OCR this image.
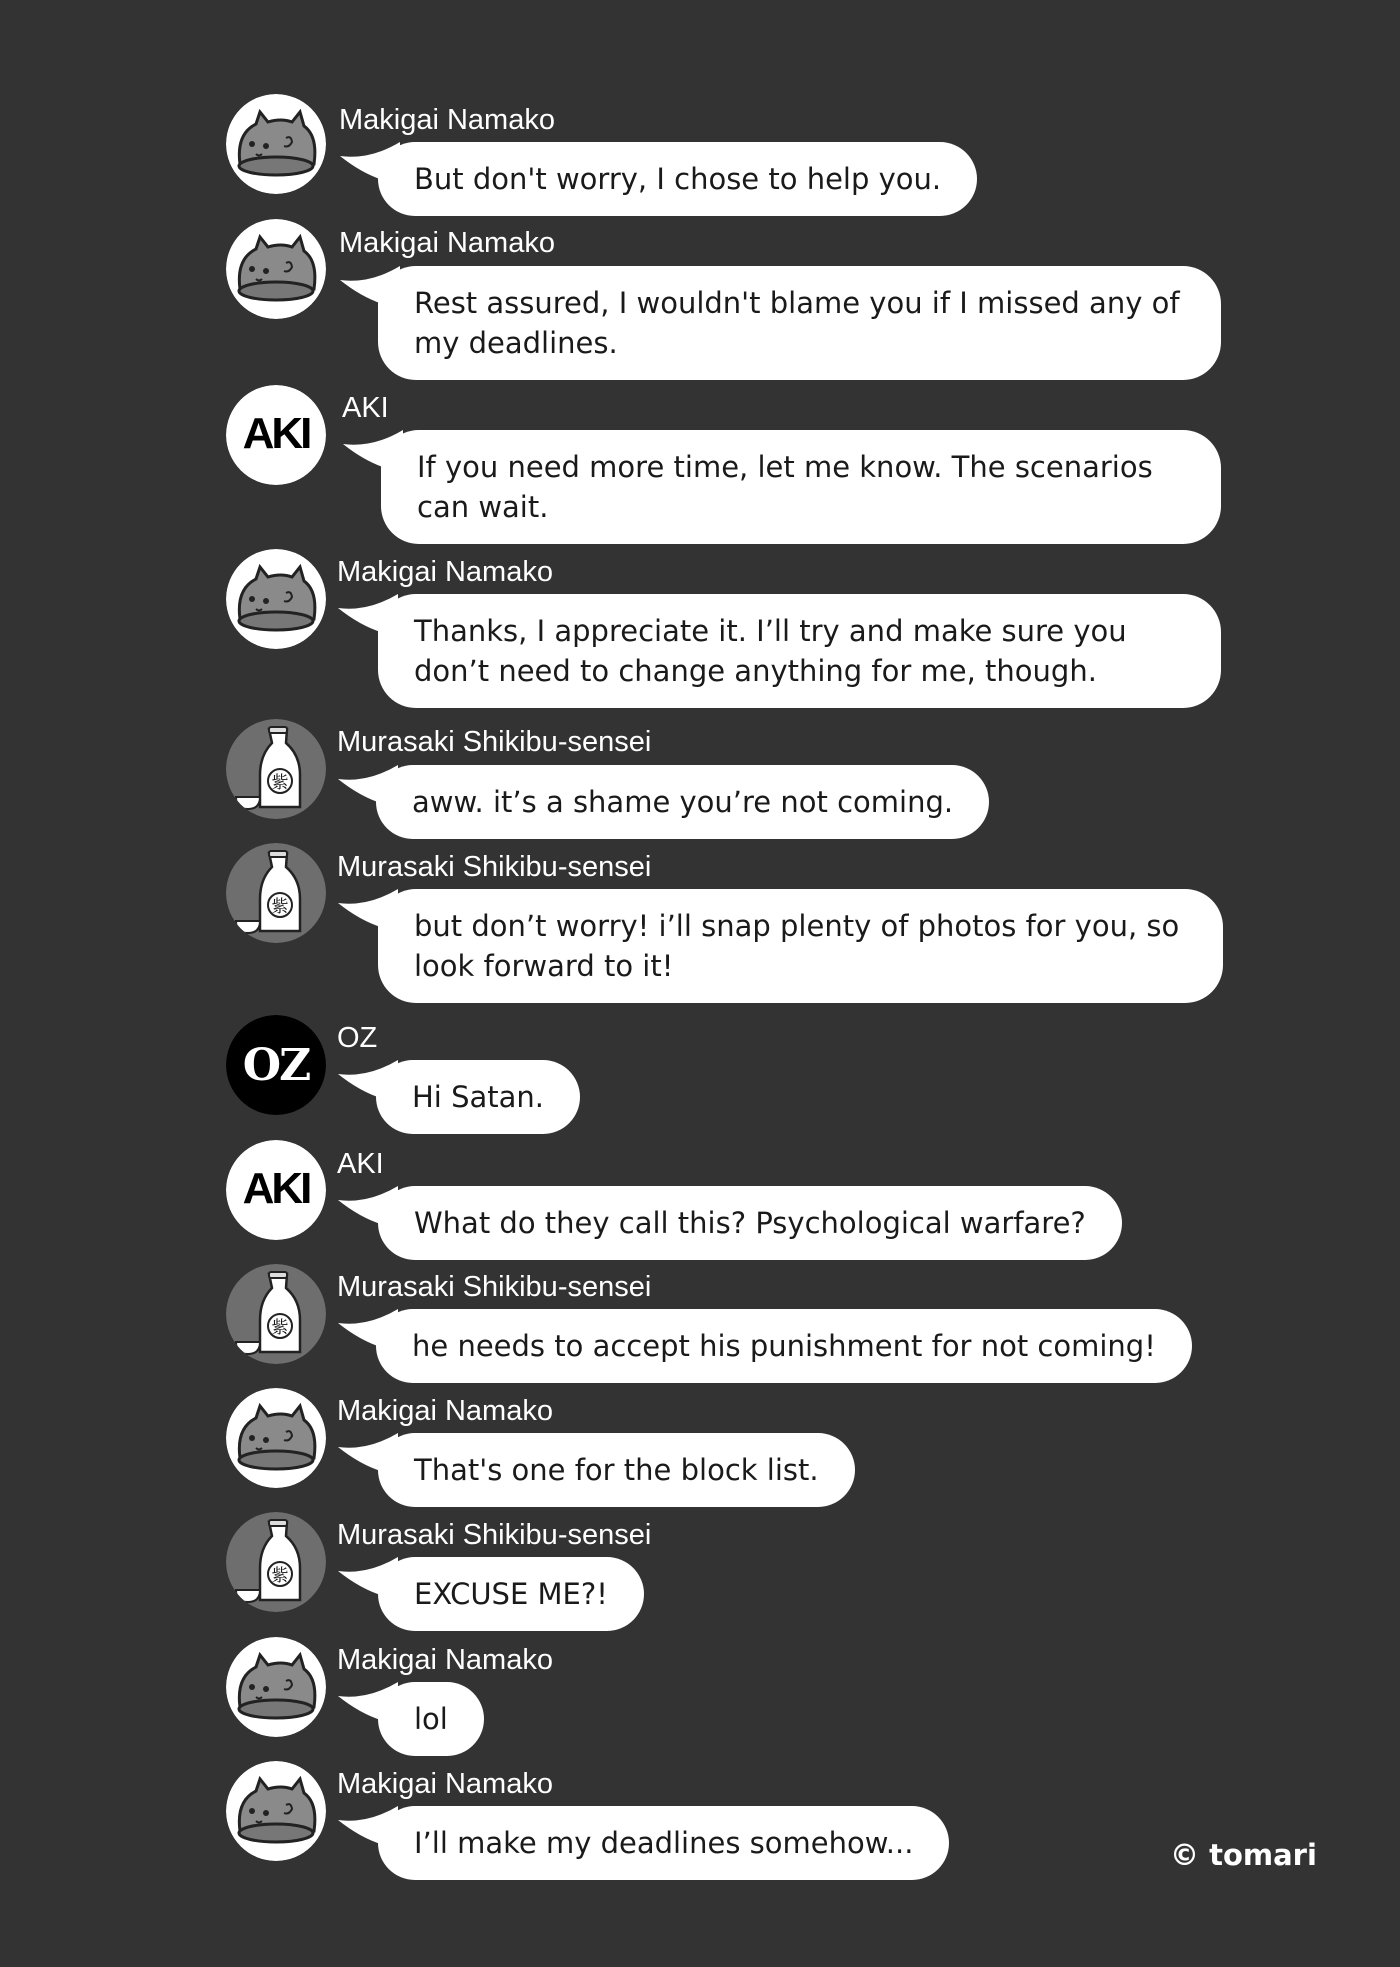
Makigai Namako
But don't worry, I chose to help you.
Makigai Namako
Rest assured, I wouldn't blame you if I missed any of my deadlines.
AKI
AKI
If you need more time, let me know. The scenarios can wait.
Makigai Namako
Thanks, I appreciate it. I’ll try and make sure you don’t need to change anything for me, though.
紫
Murasaki Shikibu-sensei
aww. it’s a shame you’re not coming.
紫
Murasaki Shikibu-sensei
but don’t worry! i’ll snap plenty of photos for you, so look forward to it!
OZ
OZ
Hi Satan.
AKI AKI
What do they call this? Psychological warfare?
紫
Murasaki Shikibu-sensei
he needs to accept his punishment for not coming!
Makigai Namako
That's one for the block list.
紫
Murasaki Shikibu-sensei
EXCUSE ME?!
Makigai Namako
lol
Makigai Namako
I’ll make my deadlines somehow...	© tomari
